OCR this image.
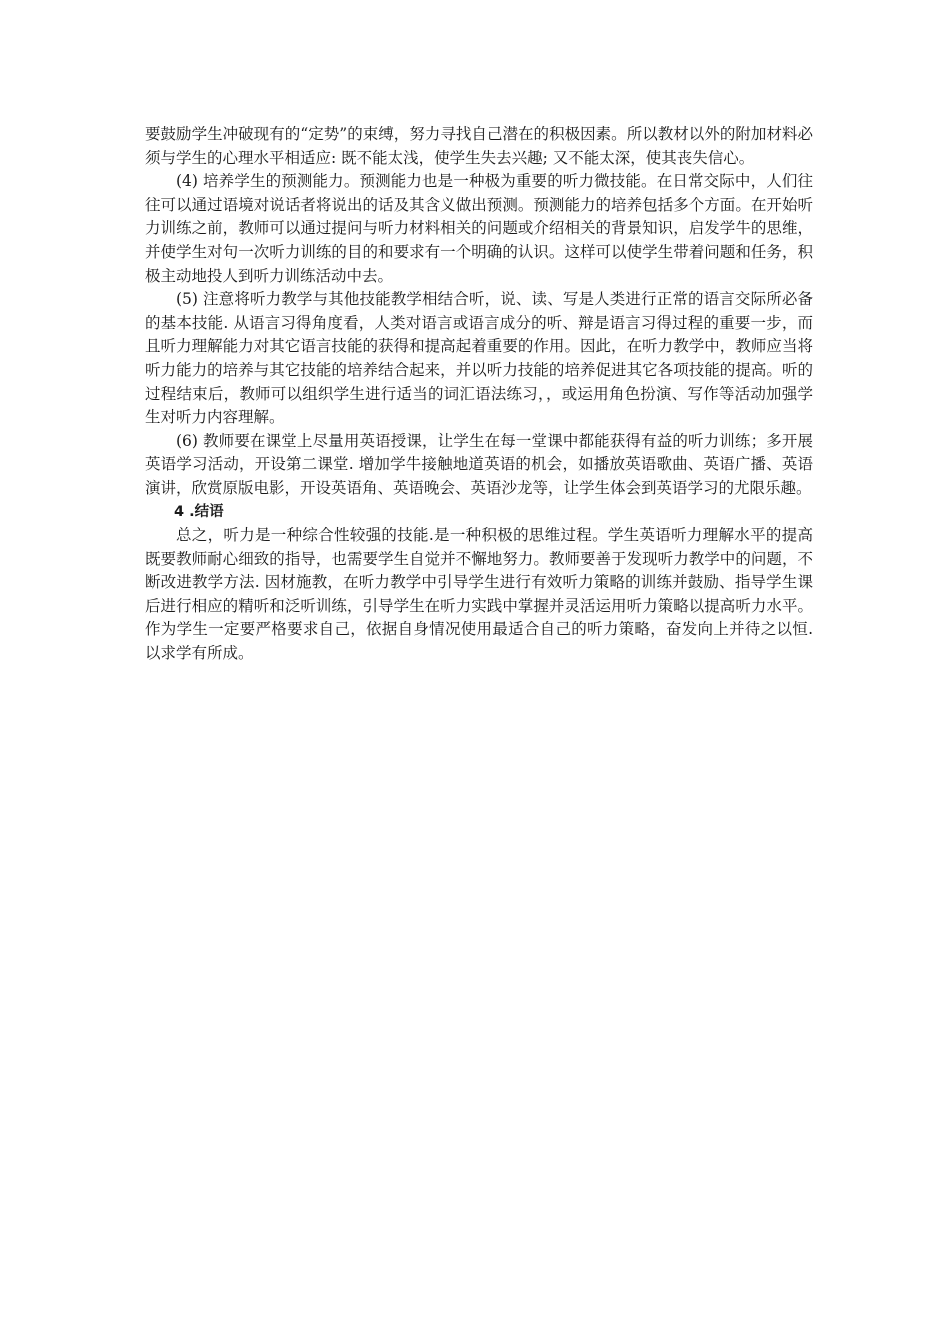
要鼓励学生冲破现有的“定势”的束缚，努力寻找自己潜在的积极因素。所以教材以外的附加材料必须与学生的心理水平相适应: 既不能太浅，使学生失去兴趣; 又不能太深，使其丧失信心。

(4) 培养学生的预测能力。预测能力也是一种极为重要的听力微技能。在日常交际中，人们往往可以通过语境对说话者将说出的话及其含义做出预测。预测能力的培养包括多个方面。在开始听力训练之前，教师可以通过提问与听力材料相关的问题或介绍相关的背景知识，启发学牛的思维，并使学生对句一次听力训练的目的和要求有一个明确的认识。这样可以使学生带着问题和任务，积极主动地投人到听力训练活动中去。

(5) 注意将听力教学与其他技能教学相结合听，说、读、写是人类进行正常的语言交际所必备的基本技能. 从语言习得角度看，人类对语言或语言成分的听、辩是语言习得过程的重要一步，而且听力理解能力对其它语言技能的获得和提高起着重要的作用。因此，在听力教学中，教师应当将听力能力的培养与其它技能的培养结合起来，并以听力技能的培养促进其它各项技能的提高。听的过程结束后，教师可以组织学生进行适当的词汇语法练习，，或运用角色扮演、写作等活动加强学生对听力内容理解。

(6) 教师要在课堂上尽量用英语授课，让学生在每一堂课中都能获得有益的听力训练；多开展英语学习活动，开设第二课堂. 增加学牛接触地道英语的机会，如播放英语歌曲、英语广播、英语演讲，欣赏原版电影，开设英语角、英语晚会、英语沙龙等，让学生体会到英语学习的尤限乐趣。

4 .结语

总之，听力是一种综合性较强的技能.是一种积极的思维过程。学生英语听力理解水平的提高既要教师耐心细致的指导，也需要学生自觉并不懈地努力。教师要善于发现听力教学中的问题，不断改进教学方法. 因材施教，在听力教学中引导学生进行有效听力策略的训练并鼓励、指导学生课后进行相应的精听和泛听训练，引导学生在听力实践中掌握并灵活运用听力策略以提高听力水平。作为学生一定要严格要求自己，依据自身情况使用最适合自己的听力策略，奋发向上并待之以恒. 以求学有所成。
